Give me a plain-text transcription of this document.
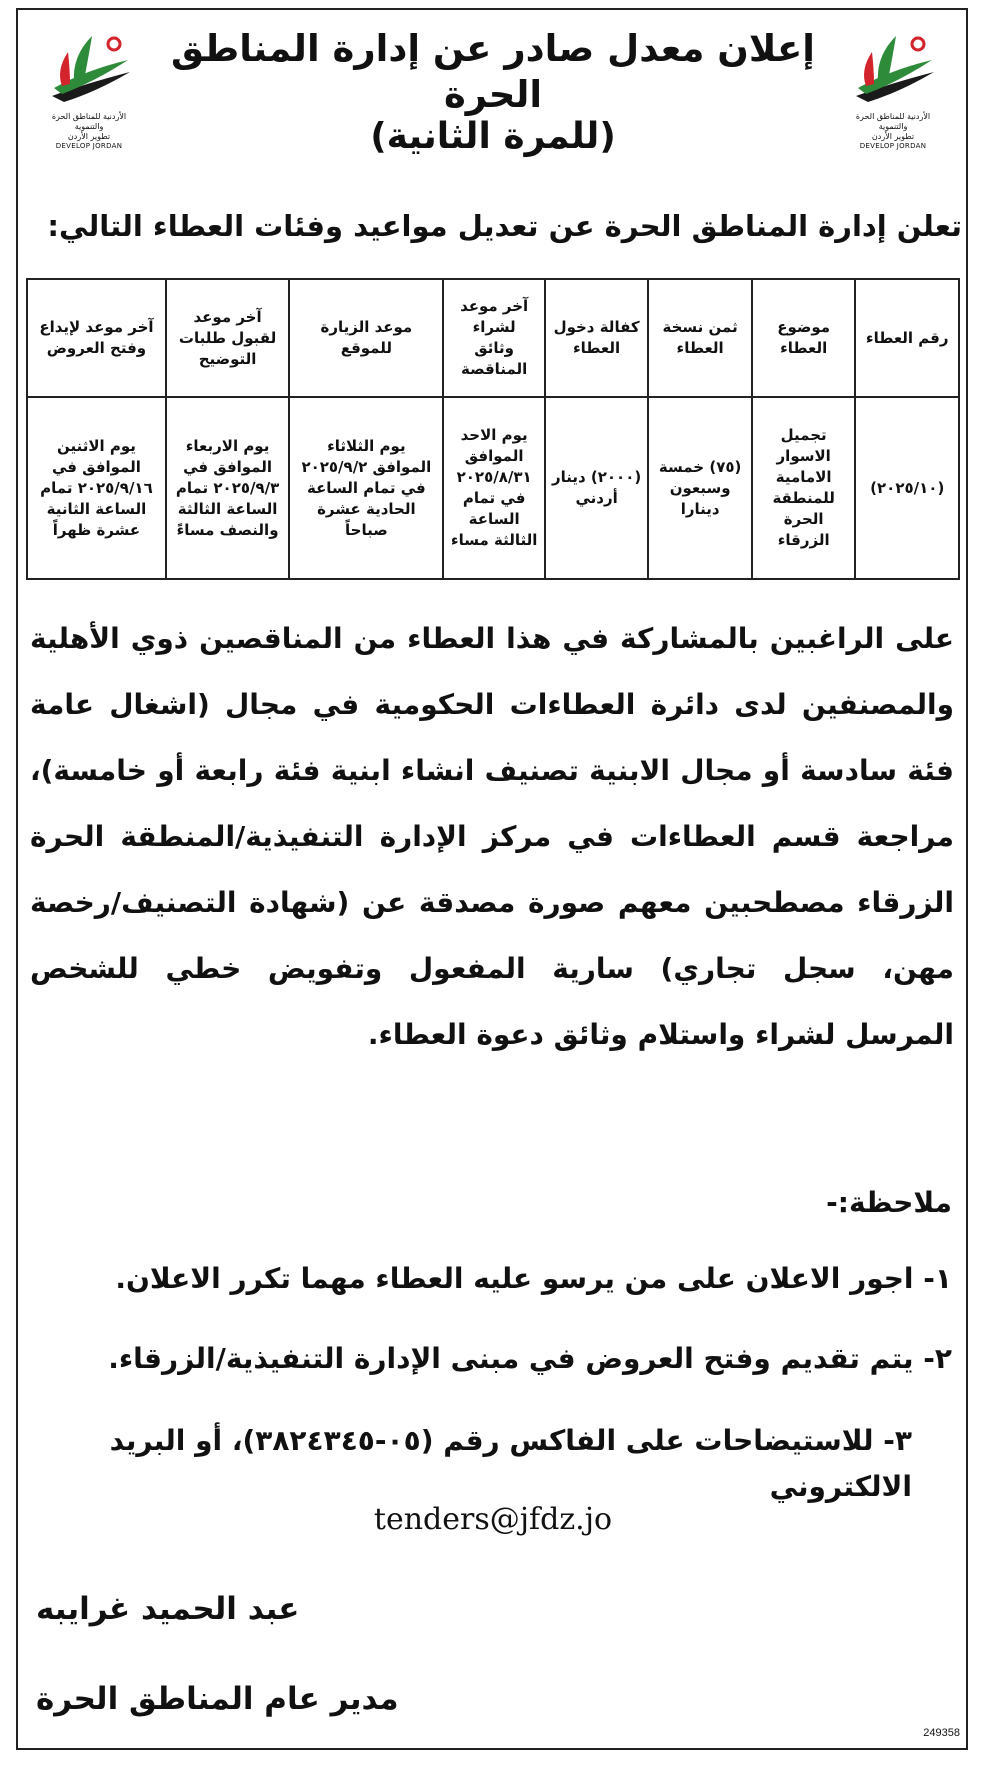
الأردنية للمناطق الحرة والتنموية
تطوير الأردن
DEVELOP JORDAN
الأردنية للمناطق الحرة والتنموية
تطوير الأردن
DEVELOP JORDAN
إعلان معدل صادر عن إدارة المناطق الحرة
(للمرة الثانية)
تعلن إدارة المناطق الحرة عن تعديل مواعيد وفئات العطاء التالي:
رقم العطاء	موضوع العطاء	ثمن نسخة العطاء	كفالة دخول العطاء	آخر موعد لشراء وثائق المناقصة	موعد الزيارة للموقع	آخر موعد لقبول طلبات التوضيح	آخر موعد لإيداع وفتح العروض
(٢٠٢٥/١٠)	تجميل الاسوار الامامية للمنطقة الحرة الزرقاء	(٧٥) خمسة وسبعون دينارا	(٢٠٠٠) دينار أردني	يوم الاحد الموافق ٢٠٢٥/٨/٣١ في تمام الساعة الثالثة مساء	يوم الثلاثاء الموافق ٢٠٢٥/٩/٢ في تمام الساعة الحادية عشرة صباحاً	يوم الاربعاء الموافق في ٢٠٢٥/٩/٣ تمام الساعة الثالثة والنصف مساءً	يوم الاثنين الموافق في ٢٠٢٥/٩/١٦ تمام الساعة الثانية عشرة ظهراً
على الراغبين بالمشاركة في هذا العطاء من المناقصين ذوي الأهلية والمصنفين لدى دائرة العطاءات الحكومية في مجال (اشغال عامة فئة سادسة أو مجال الابنية تصنيف انشاء ابنية فئة رابعة أو خامسة)، مراجعة قسم العطاءات في مركز الإدارة التنفيذية/المنطقة الحرة الزرقاء مصطحبين معهم صورة مصدقة عن (شهادة التصنيف/رخصة مهن، سجل تجاري) سارية المفعول وتفويض خطي للشخص المرسل لشراء واستلام وثائق دعوة العطاء.
ملاحظة:-
١- اجور الاعلان على من يرسو عليه العطاء مهما تكرر الاعلان.
٢- يتم تقديم وفتح العروض في مبنى الإدارة التنفيذية/الزرقاء.
٣- للاستيضاحات على الفاكس رقم (٠٥-٣٨٢٤٣٤٥)، أو البريد الالكتروني
tenders@jfdz.jo
عبد الحميد غرايبه
مدير عام المناطق الحرة
249358
